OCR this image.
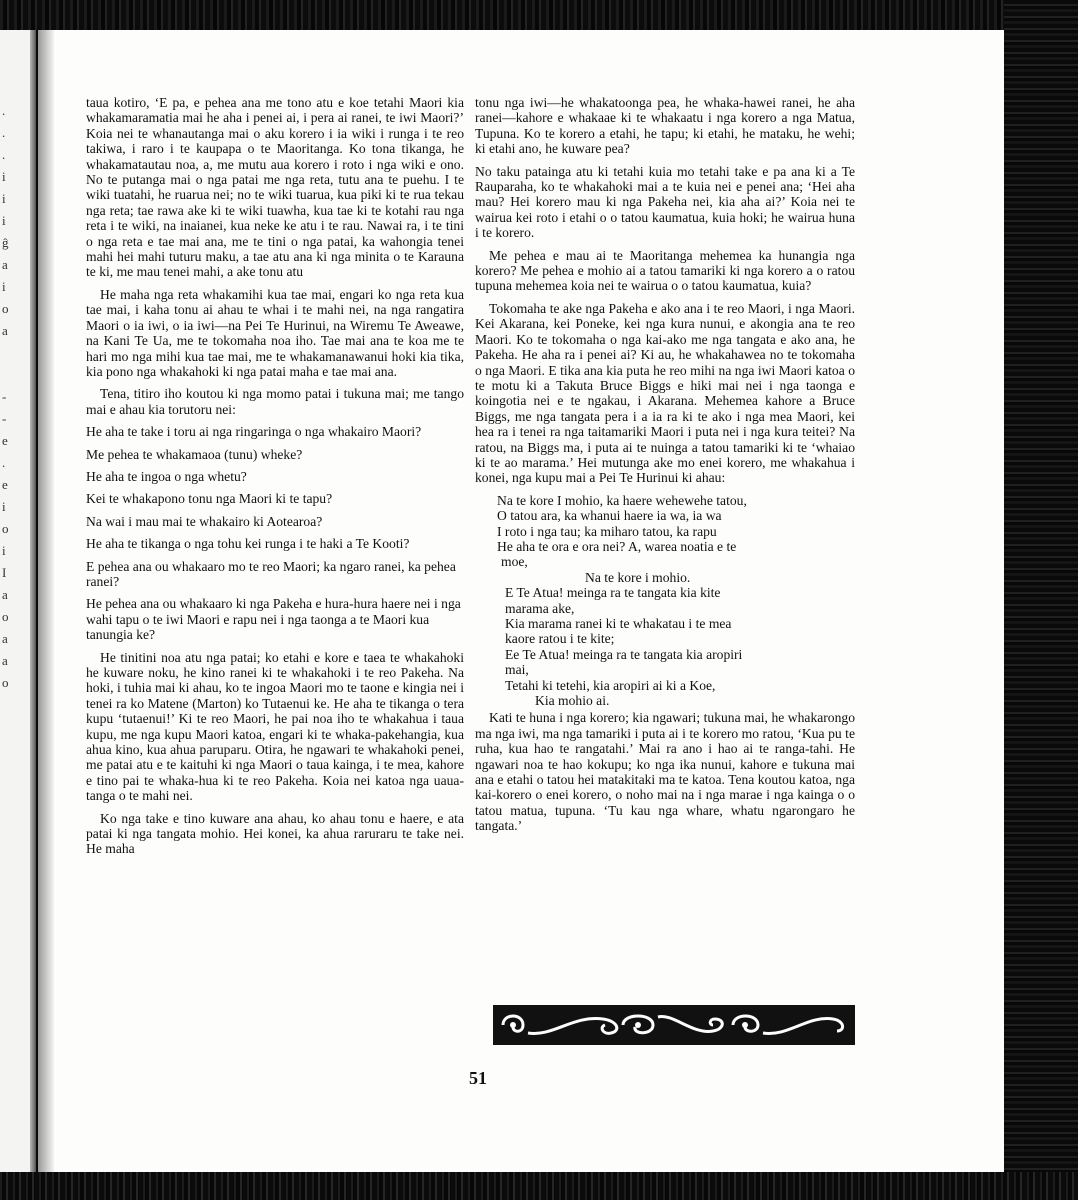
.
.
.
i
i
i
ĝ
a
i
o
a
-
-
e
.
e
i
o
i
I
a
o
a
a
o

taua kotiro, ‘E pa, e pehea ana me tono atu e koe tetahi Maori kia whakamaramatia mai he aha i penei ai, i pera ai ranei, te iwi Maori?’ Koia nei te whanautanga mai o aku korero i ia wiki i runga i te reo takiwa, i raro i te kaupapa o te Maoritanga. Ko tona tikanga, he whakamatautau noa, a, me mutu aua korero i roto i nga wiki e ono. No te putanga mai o nga patai me nga reta, tutu ana te puehu. I te wiki tuatahi, he ruarua nei; no te wiki tuarua, kua piki ki te rua tekau nga reta; tae rawa ake ki te wiki tuawha, kua tae ki te kotahi rau nga reta i te wiki, na inaianei, kua neke ke atu i te rau. Nawai ra, i te tini o nga reta e tae mai ana, me te tini o nga patai, ka wahongia tenei mahi hei mahi tuturu maku, a tae atu ana ki nga minita o te Karauna te ki, me mau tenei mahi, a ake tonu atu

He maha nga reta whakamihi kua tae mai, engari ko nga reta kua tae mai, i kaha tonu ai ahau te whai i te mahi nei, na nga rangatira Maori o ia iwi, o ia iwi—na Pei Te Hurinui, na Wiremu Te Aweawe, na Kani Te Ua, me te tokomaha noa iho. Tae mai ana te koa me te hari mo nga mihi kua tae mai, me te whakamanawanui hoki kia tika, kia pono nga whakahoki ki nga patai maha e tae mai ana.

Tena, titiro iho koutou ki nga momo patai i tukuna mai; me tango mai e ahau kia torutoru nei:

He aha te take i toru ai nga ringaringa o nga whakairo Maori?

Me pehea te whakamaoa (tunu) wheke?

He aha te ingoa o nga whetu?

Kei te whakapono tonu nga Maori ki te tapu?

Na wai i mau mai te whakairo ki Aotearoa?

He aha te tikanga o nga tohu kei runga i te haki a Te Kooti?

E pehea ana ou whakaaro mo te reo Maori; ka ngaro ranei, ka pehea ranei?

He pehea ana ou whakaaro ki nga Pakeha e hura-hura haere nei i nga wahi tapu o te iwi Maori e rapu nei i nga taonga a te Maori kua tanungia ke?

He tinitini noa atu nga patai; ko etahi e kore e taea te whakahoki he kuware noku, he kino ranei ki te whakahoki i te reo Pakeha. Na hoki, i tuhia mai ki ahau, ko te ingoa Maori mo te taone e kingia nei i tenei ra ko Matene (Marton) ko Tutaenui ke. He aha te tikanga o tera kupu ‘tutaenui!’ Ki te reo Maori, he pai noa iho te whakahua i taua kupu, me nga kupu Maori katoa, engari ki te whaka-pakehangia, kua ahua kino, kua ahua paruparu. Otira, he ngawari te whakahoki penei, me patai atu e te kaituhi ki nga Maori o taua kainga, i te mea, kahore e tino pai te whaka-hua ki te reo Pakeha. Koia nei katoa nga uaua-tanga o te mahi nei.

Ko nga take e tino kuware ana ahau, ko ahau tonu e haere, e ata patai ki nga tangata mohio. Hei konei, ka ahua raruraru te take nei. He maha

tonu nga iwi—he whakatoonga pea, he whaka-hawei ranei, he aha ranei—kahore e whakaae ki te whakaatu i nga korero a nga Matua, Tupuna. Ko te korero a etahi, he tapu; ki etahi, he mataku, he wehi; ki etahi ano, he kuware pea?

No taku patainga atu ki tetahi kuia mo tetahi take e pa ana ki a Te Rauparaha, ko te whakahoki mai a te kuia nei e penei ana; ‘Hei aha mau? Hei korero mau ki nga Pakeha nei, kia aha ai?’ Koia nei te wairua kei roto i etahi o o tatou kaumatua, kuia hoki; he wairua huna i te korero.

Me pehea e mau ai te Maoritanga mehemea ka hunangia nga korero? Me pehea e mohio ai a tatou tamariki ki nga korero a o ratou tupuna mehemea koia nei te wairua o o tatou kaumatua, kuia?

Tokomaha te ake nga Pakeha e ako ana i te reo Maori, i nga Maori. Kei Akarana, kei Poneke, kei nga kura nunui, e akongia ana te reo Maori. Ko te tokomaha o nga kai-ako me nga tangata e ako ana, he Pakeha. He aha ra i penei ai? Ki au, he whakahawea no te tokomaha o nga Maori. E tika ana kia puta he reo mihi na nga iwi Maori katoa o te motu ki a Takuta Bruce Biggs e hiki mai nei i nga taonga e koingotia nei e te ngakau, i Akarana. Mehemea kahore a Bruce Biggs, me nga tangata pera i a ia ra ki te ako i nga mea Maori, kei hea ra i tenei ra nga taitamariki Maori i puta nei i nga kura teitei? Na ratou, na Biggs ma, i puta ai te nuinga a tatou tamariki ki te ‘whaiao ki te ao marama.’ Hei mutunga ake mo enei korero, me whakahua i konei, nga kupu mai a Pei Te Hurinui ki ahau:

Na te kore I mohio, ka haere wehewehe tatou,
O tatou ara, ka whanui haere ia wa, ia wa
I roto i nga tau; ka miharo tatou, ka rapu
He aha te ora e ora nei? A, warea noatia e te
moe,
Na te kore i mohio.
E Te Atua! meinga ra te tangata kia kite
marama ake,
Kia marama ranei ki te whakatau i te mea
kaore ratou i te kite;
Ee Te Atua! meinga ra te tangata kia aropiri
mai,
Tetahi ki tetehi, kia aropiri ai ki a Koe,
Kia mohio ai.

Kati te huna i nga korero; kia ngawari; tukuna mai, he whakarongo ma nga iwi, ma nga tamariki i puta ai i te korero mo ratou, ‘Kua pu te ruha, kua hao te rangatahi.’ Mai ra ano i hao ai te ranga-tahi. He ngawari noa te hao kokupu; ko nga ika nunui, kahore e tukuna mai ana e etahi o tatou hei matakitaki ma te katoa. Tena koutou katoa, nga kai-korero o enei korero, o noho mai na i nga marae i nga kainga o o tatou matua, tupuna. ‘Tu kau nga whare, whatu ngarongaro he tangata.’

51
